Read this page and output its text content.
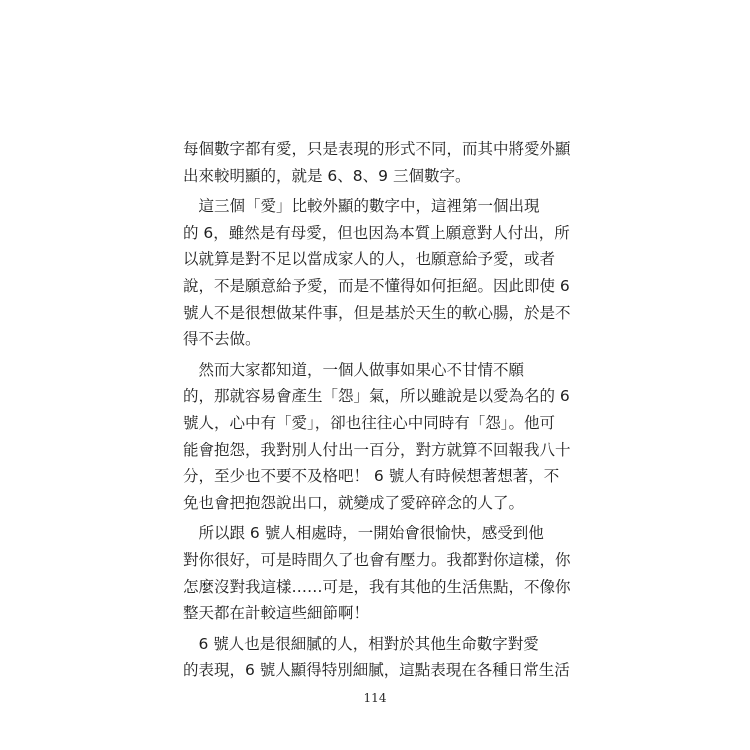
每個數字都有愛，只是表現的形式不同，而其中將愛外顯
出來較明顯的，就是 6、8、9 三個數字。
　這三個「愛」比較外顯的數字中，這裡第一個出現
的 6，雖然是有母愛，但也因為本質上願意對人付出，所
以就算是對不足以當成家人的人，也願意給予愛，或者
說，不是願意給予愛，而是不懂得如何拒絕。因此即使 6
號人不是很想做某件事，但是基於天生的軟心腸，於是不
得不去做。
　然而大家都知道，一個人做事如果心不甘情不願
的，那就容易會產生「怨」氣，所以雖說是以愛為名的 6
號人，心中有「愛」，卻也往往心中同時有「怨」。他可
能會抱怨，我對別人付出一百分，對方就算不回報我八十
分，至少也不要不及格吧！ 6 號人有時候想著想著，不
免也會把抱怨說出口，就變成了愛碎碎念的人了。
　所以跟 6 號人相處時，一開始會很愉快，感受到他
對你很好，可是時間久了也會有壓力。我都對你這樣，你
怎麼沒對我這樣……可是，我有其他的生活焦點，不像你
整天都在計較這些細節啊！
　6 號人也是很細膩的人，相對於其他生命數字對愛
的表現，6 號人顯得特別細膩，這點表現在各種日常生活
114
